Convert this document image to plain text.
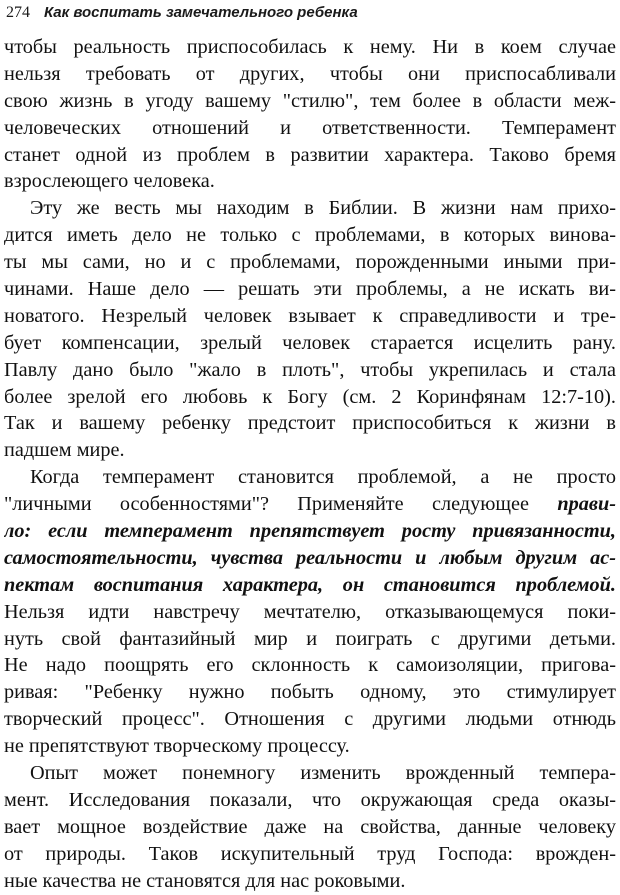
274 Как воспитать замечательного ребенка
чтобы реальность приспособилась к нему. Ни в коем случае
нельзя требовать от других, чтобы они приспосабливали
свою жизнь в угоду вашему "стилю", тем более в области меж-
человеческих отношений и ответственности. Темперамент
станет одной из проблем в развитии характера. Таково бремя
взрослеющего человека.
Эту же весть мы находим в Библии. В жизни нам прихо-
дится иметь дело не только с проблемами, в которых винова-
ты мы сами, но и с проблемами, порожденными иными при-
чинами. Наше дело — решать эти проблемы, а не искать ви-
новатого. Незрелый человек взывает к справедливости и тре-
бует компенсации, зрелый человек старается исцелить рану.
Павлу дано было "жало в плоть", чтобы укрепилась и стала
более зрелой его любовь к Богу (см. 2 Коринфянам 12:7-10).
Так и вашему ребенку предстоит приспособиться к жизни в
падшем мире.
Когда темперамент становится проблемой, а не просто
"личными особенностями"? Применяйте следующее прави-
ло: если темперамент препятствует росту привязанности,
самостоятельности, чувства реальности и любым другим ас-
пектам воспитания характера, он становится проблемой.
Нельзя идти навстречу мечтателю, отказывающемуся поки-
нуть свой фантазийный мир и поиграть с другими детьми.
Не надо поощрять его склонность к самоизоляции, пригова-
ривая: "Ребенку нужно побыть одному, это стимулирует
творческий процесс". Отношения с другими людьми отнюдь
не препятствуют творческому процессу.
Опыт может понемногу изменить врожденный темпера-
мент. Исследования показали, что окружающая среда оказы-
вает мощное воздействие даже на свойства, данные человеку
от природы. Таков искупительный труд Господа: врожден-
ные качества не становятся для нас роковыми.
